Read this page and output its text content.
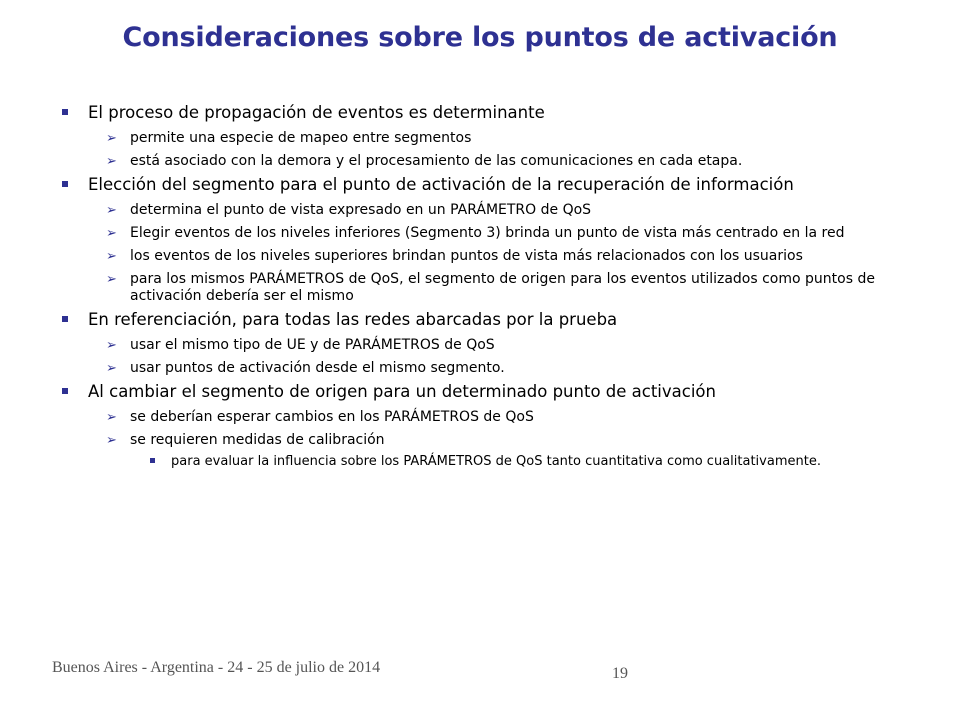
Consideraciones sobre los puntos de activación
El proceso de propagación de eventos es determinante
➢ permite una especie de mapeo entre segmentos
➢ está asociado con la demora y el procesamiento de las comunicaciones en cada etapa.
Elección del segmento para el punto de activación de la recuperación de información
➢ determina el punto de vista expresado en un PARÁMETRO de QoS
➢ Elegir eventos de los niveles inferiores (Segmento 3) brinda un punto de vista más centrado en la red
➢ los eventos de los niveles superiores brindan puntos de vista más relacionados con los usuarios
➢ para los mismos PARÁMETROS de QoS, el segmento de origen para los eventos utilizados como puntos de activación debería ser el mismo
En referenciación, para todas las redes abarcadas por la prueba
➢ usar el mismo tipo de UE y de PARÁMETROS de QoS
➢ usar puntos de activación desde el mismo segmento.
Al cambiar el segmento de origen para un determinado punto de activación
➢ se deberían esperar cambios en los PARÁMETROS de QoS
➢ se requieren medidas de calibración
para evaluar la influencia sobre los PARÁMETROS de QoS tanto cuantitativa como cualitativamente.
Buenos Aires - Argentina - 24 - 25 de julio de 2014	19
